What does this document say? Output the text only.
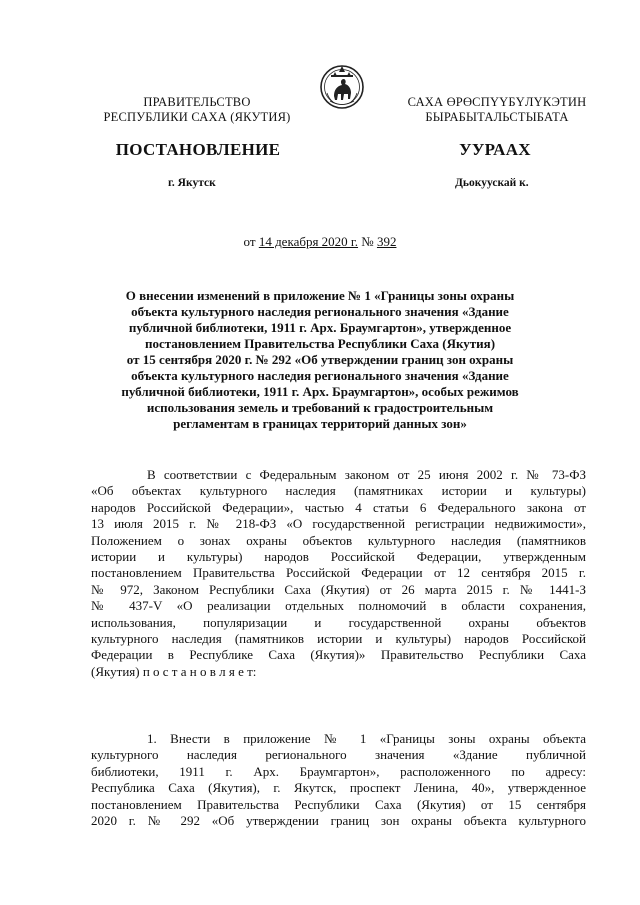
ПРАВИТЕЛЬСТВО
РЕСПУБЛИКИ САХА (ЯКУТИЯ)
САХА ӨРӨСПҮҮБҮЛҮКЭТИН
БЫРАБЫТАЛЬСТЫБАТА
ПОСТАНОВЛЕНИЕ	УУРААХ
г. Якутск	Дьокуускай к.
от 14 декабря 2020 г. № 392
О внесении изменений в приложение № 1 «Границы зоны охраны
объекта культурного наследия регионального значения «Здание
публичной библиотеки, 1911 г. Арх. Браумгартон», утвержденное
постановлением Правительства Республики Саха (Якутия)
от 15 сентября 2020 г. № 292 «Об утверждении границ зон охраны
объекта культурного наследия регионального значения «Здание
публичной библиотеки, 1911 г. Арх. Браумгартон», особых режимов
использования земель и требований к градостроительным
регламентам в границах территорий данных зон»
В соответствии с Федеральным законом от 25 июня 2002 г. № 73-ФЗ
«Об объектах культурного наследия (памятниках истории и культуры)
народов Российской Федерации», частью 4 статьи 6 Федерального закона от
13 июля 2015 г. № 218-ФЗ «О государственной регистрации недвижимости»,
Положением о зонах охраны объектов культурного наследия (памятников
истории и культуры) народов Российской Федерации, утвержденным
постановлением Правительства Российской Федерации от 12 сентября 2015 г.
№ 972, Законом Республики Саха (Якутия) от 26 марта 2015 г. № 1441-З
№ 437-V «О реализации отдельных полномочий в области сохранения,
использования, популяризации и государственной охраны объектов
культурного наследия (памятников истории и культуры) народов Российской
Федерации в Республике Саха (Якутия)» Правительство Республики Саха
(Якутия) п о с т а н о в л я е т:
1. Внести в приложение № 1 «Границы зоны охраны объекта
культурного наследия регионального значения «Здание публичной
библиотеки, 1911 г. Арх. Браумгартон», расположенного по адресу:
Республика Саха (Якутия), г. Якутск, проспект Ленина, 40», утвержденное
постановлением Правительства Республики Саха (Якутия) от 15 сентября
2020 г. № 292 «Об утверждении границ зон охраны объекта культурного
